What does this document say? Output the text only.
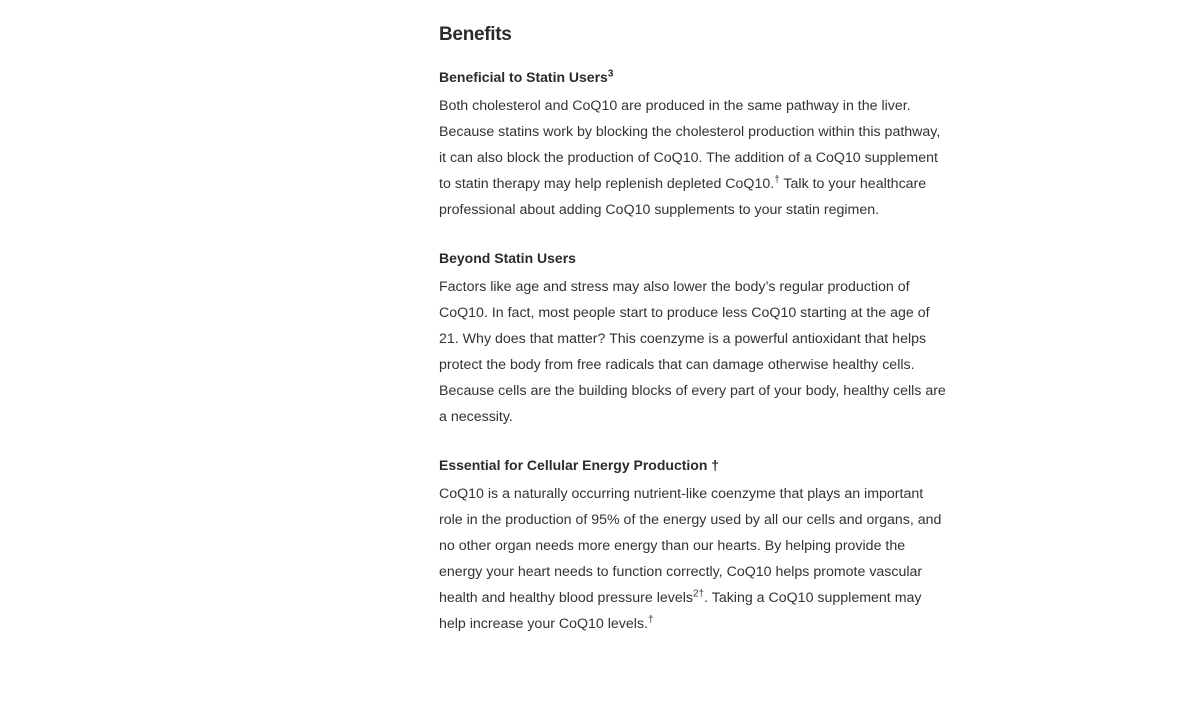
Benefits
Beneficial to Statin Users$^3$

Both cholesterol and CoQ10 are produced in the same pathway in the liver. Because statins work by blocking the cholesterol production within this pathway, it can also block the production of CoQ10. The addition of a CoQ10 supplement to statin therapy may help replenish depleted CoQ10.† Talk to your healthcare professional about adding CoQ10 supplements to your statin regimen.

Beyond Statin Users

Factors like age and stress may also lower the body’s regular production of CoQ10. In fact, most people start to produce less CoQ10 starting at the age of 21. Why does that matter? This coenzyme is a powerful antioxidant that helps protect the body from free radicals that can damage otherwise healthy cells. Because cells are the building blocks of every part of your body, healthy cells are a necessity.

Essential for Cellular Energy Production †

CoQ10 is a naturally occurring nutrient-like coenzyme that plays an important role in the production of 95% of the energy used by all our cells and organs, and no other organ needs more energy than our hearts. By helping provide the energy your heart needs to function correctly, CoQ10 helps promote vascular health and healthy blood pressure levels$^{2\dagger}$. Taking a CoQ10 supplement may help increase your CoQ10 levels.†
